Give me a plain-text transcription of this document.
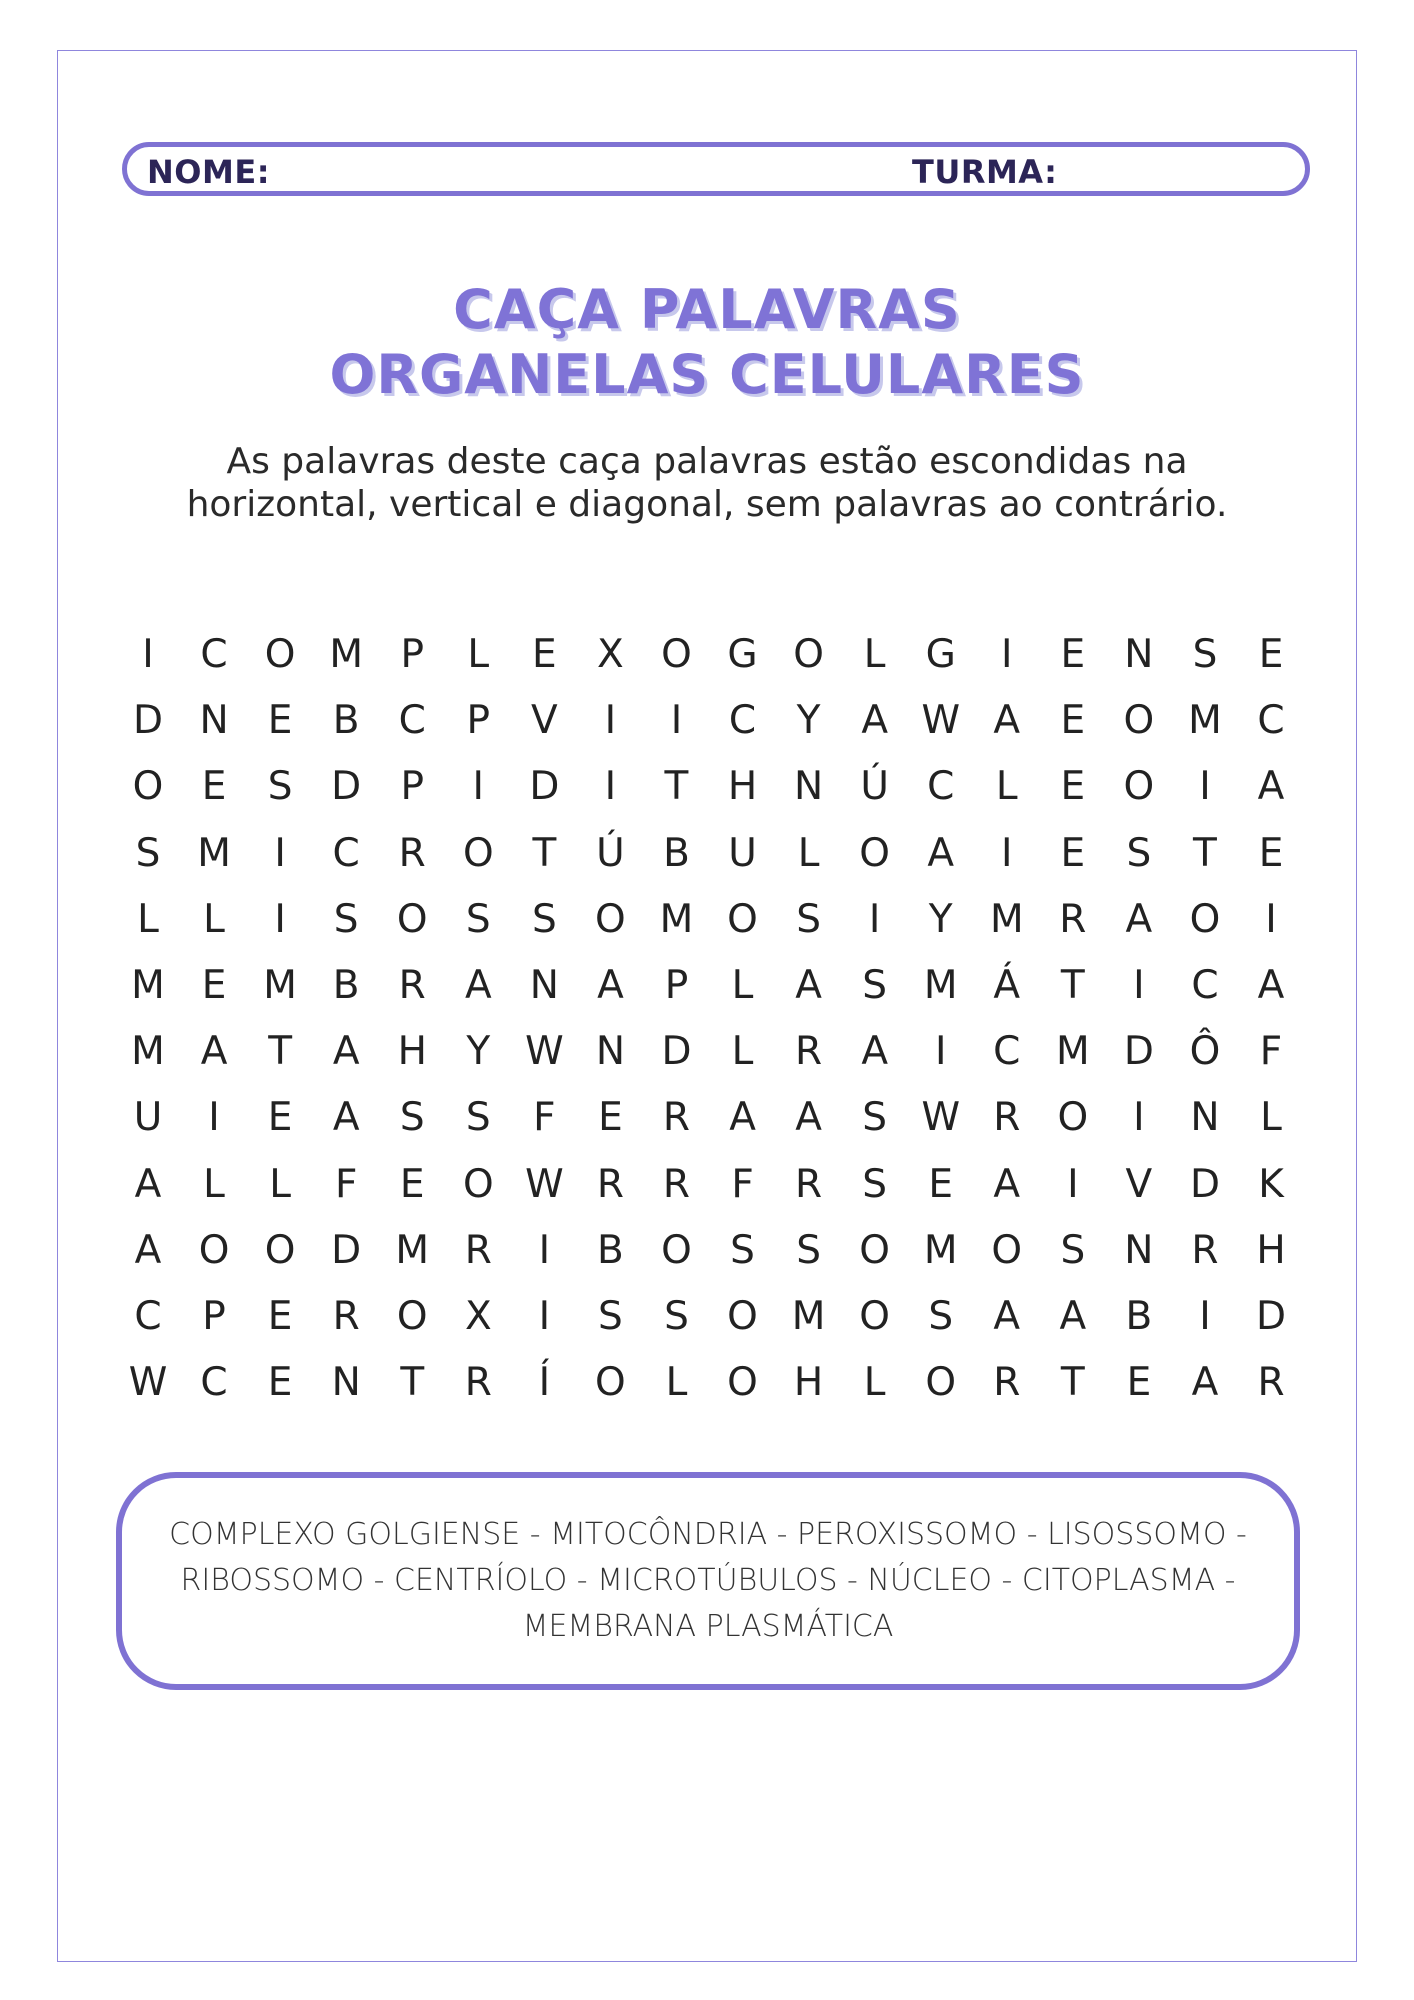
NOME:	TURMA:
CAÇA PALAVRAS
ORGANELAS CELULARES
As palavras deste caça palavras estão escondidas na horizontal, vertical e diagonal, sem palavras ao contrário.
I	C O M P	L	E	X O G O	L	G	I	E	N	S	E
D N	E	B	C	P	V	I	I	C	Y	A W A	E O M C
O E	S D	P	I	D	I	T	H N Ú C	L	E O	I	A
S M	I	C R O T	Ú B U	L	O A	I	E	S	T	E
L	L	I	S O S	S O M O S	I	Y M R	A O	I
M E M B	R	A N A	P	L	A	S M Á	T	I	C	A
M A	T	A H	Y W N D	L	R	A	I	C M D Ô	F
U	I	E	A	S	S	F	E	R	A	A	S W R O	I	N	L
A	L	L	F	E O W R R	F	R	S	E	A	I	V D K
A O O D M R	I	B O S	S O M O S	N R H
C	P	E	R O X	I	S	S O M O S	A	A	B	I	D
W C	E	N	T	R	Í	O	L	O H	L	O R	T	E	A	R
COMPLEXO GOLGIENSE - MITOCÔNDRIA - PEROXISSOMO - LISOSSOMO -
RIBOSSOMO - CENTRÍOLO - MICROTÚBULOS - NÚCLEO - CITOPLASMA -
MEMBRANA PLASMÁTICA
